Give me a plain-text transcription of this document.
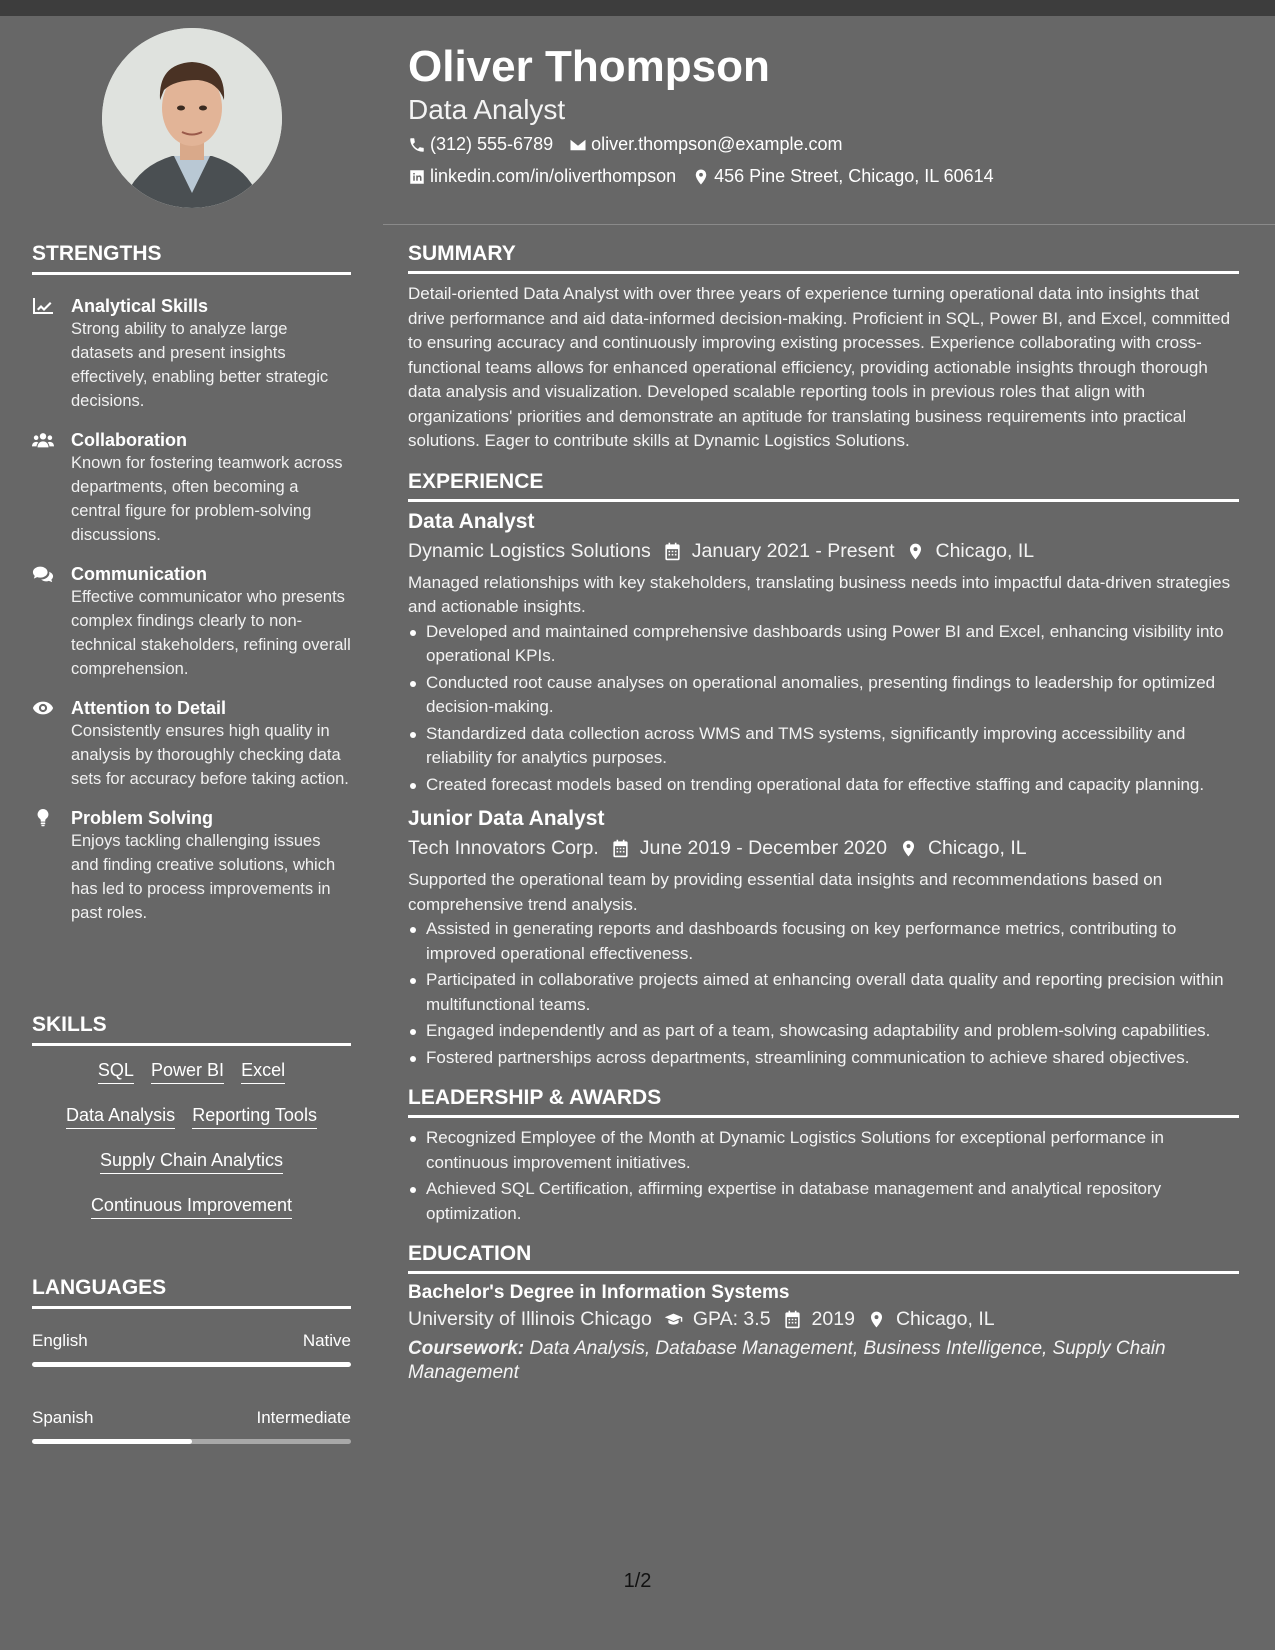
Oliver Thompson
Data Analyst
(312) 555-6789 oliver.thompson@example.com
linkedin.com/in/oliverthompson 456 Pine Street, Chicago, IL 60614
STRENGTHS
Analytical Skills
Strong ability to analyze large datasets and present insights effectively, enabling better strategic decisions.
Collaboration
Known for fostering teamwork across departments, often becoming a central figure for problem-solving discussions.
Communication
Effective communicator who presents complex findings clearly to non-technical stakeholders, refining overall comprehension.
Attention to Detail
Consistently ensures high quality in analysis by thoroughly checking data sets for accuracy before taking action.
Problem Solving
Enjoys tackling challenging issues and finding creative solutions, which has led to process improvements in past roles.
SKILLS
SQL Power BI Excel
Data Analysis Reporting Tools
Supply Chain Analytics
Continuous Improvement
LANGUAGES
English	Native
Spanish	Intermediate
SUMMARY
Detail-oriented Data Analyst with over three years of experience turning operational data into insights that drive performance and aid data-informed decision-making. Proficient in SQL, Power BI, and Excel, committed to ensuring accuracy and continuously improving existing processes. Experience collaborating with cross-functional teams allows for enhanced operational efficiency, providing actionable insights through thorough data analysis and visualization. Developed scalable reporting tools in previous roles that align with organizations' priorities and demonstrate an aptitude for translating business requirements into practical solutions. Eager to contribute skills at Dynamic Logistics Solutions.
EXPERIENCE
Data Analyst
Dynamic Logistics Solutions January 2021 - Present Chicago, IL
Managed relationships with key stakeholders, translating business needs into impactful data-driven strategies and actionable insights.
Developed and maintained comprehensive dashboards using Power BI and Excel, enhancing visibility into operational KPIs.
Conducted root cause analyses on operational anomalies, presenting findings to leadership for optimized decision-making.
Standardized data collection across WMS and TMS systems, significantly improving accessibility and reliability for analytics purposes.
Created forecast models based on trending operational data for effective staffing and capacity planning.
Junior Data Analyst
Tech Innovators Corp. June 2019 - December 2020 Chicago, IL
Supported the operational team by providing essential data insights and recommendations based on comprehensive trend analysis.
Assisted in generating reports and dashboards focusing on key performance metrics, contributing to improved operational effectiveness.
Participated in collaborative projects aimed at enhancing overall data quality and reporting precision within multifunctional teams.
Engaged independently and as part of a team, showcasing adaptability and problem-solving capabilities.
Fostered partnerships across departments, streamlining communication to achieve shared objectives.
LEADERSHIP & AWARDS
Recognized Employee of the Month at Dynamic Logistics Solutions for exceptional performance in continuous improvement initiatives.
Achieved SQL Certification, affirming expertise in database management and analytical repository optimization.
EDUCATION
Bachelor's Degree in Information Systems
University of Illinois Chicago GPA: 3.5 2019 Chicago, IL
Coursework: Data Analysis, Database Management, Business Intelligence, Supply Chain Management
1/2
